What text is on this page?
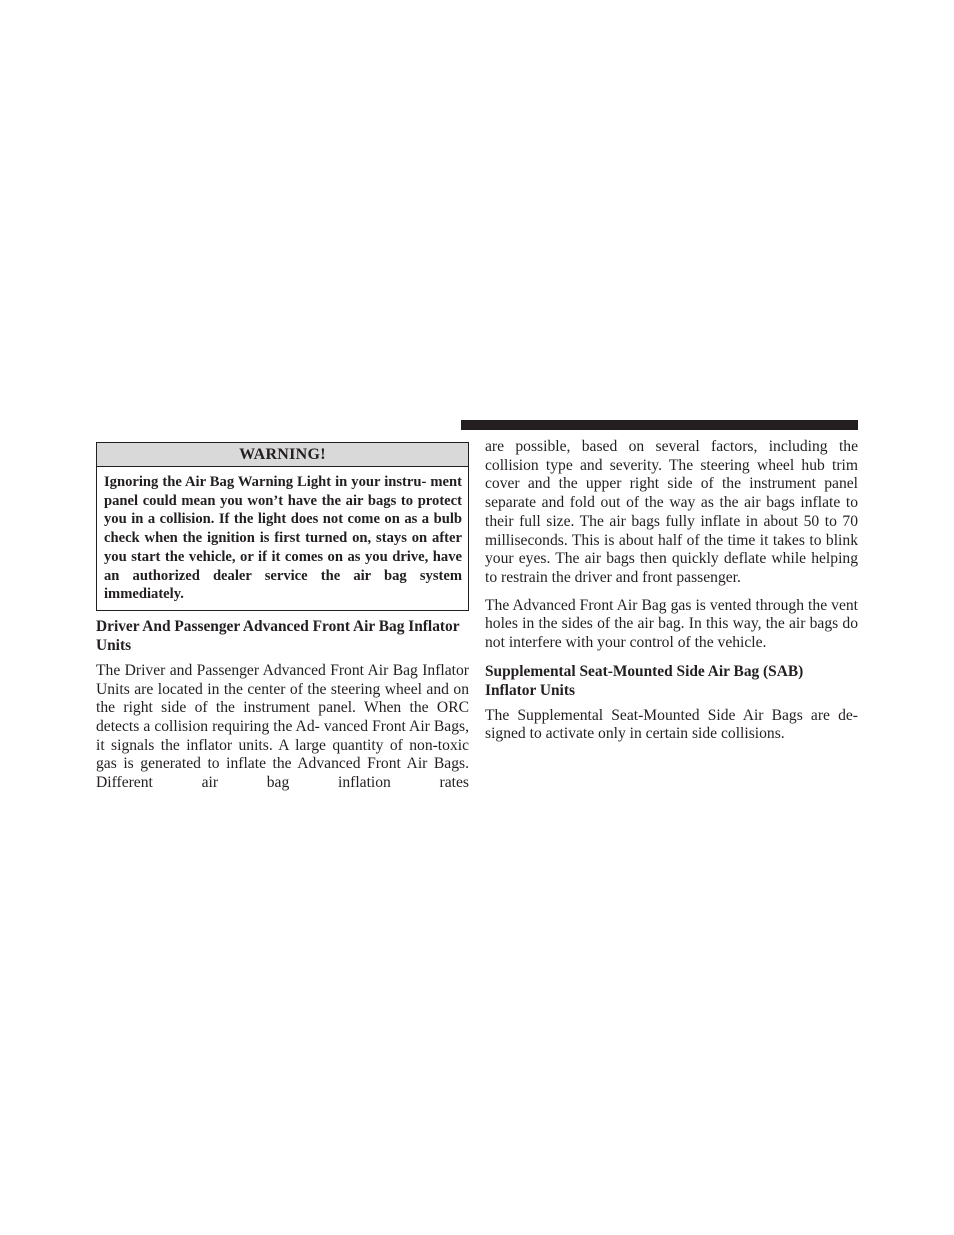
WARNING!
Ignoring the Air Bag Warning Light in your instru- ment panel could mean you won’t have the air bags to protect you in a collision. If the light does not come on as a bulb check when the ignition is first turned on, stays on after you start the vehicle, or if it comes on as you drive, have an authorized dealer service the air bag system immediately.
Driver And Passenger Advanced Front Air Bag Inflator Units
The Driver and Passenger Advanced Front Air Bag Inflator Units are located in the center of the steering wheel and on the right side of the instrument panel. When the ORC detects a collision requiring the Ad- vanced Front Air Bags, it signals the inflator units. A large quantity of non-toxic gas is generated to inflate the Advanced Front Air Bags. Different air bag inflation rates
are possible, based on several factors, including the collision type and severity. The steering wheel hub trim cover and the upper right side of the instrument panel separate and fold out of the way as the air bags inflate to their full size. The air bags fully inflate in about 50 to 70 milliseconds. This is about half of the time it takes to blink your eyes. The air bags then quickly deflate while helping to restrain the driver and front passenger.
The Advanced Front Air Bag gas is vented through the vent holes in the sides of the air bag. In this way, the air bags do not interfere with your control of the vehicle.
Supplemental Seat-Mounted Side Air Bag (SAB) Inflator Units
The Supplemental Seat-Mounted Side Air Bags are de- signed to activate only in certain side collisions.
